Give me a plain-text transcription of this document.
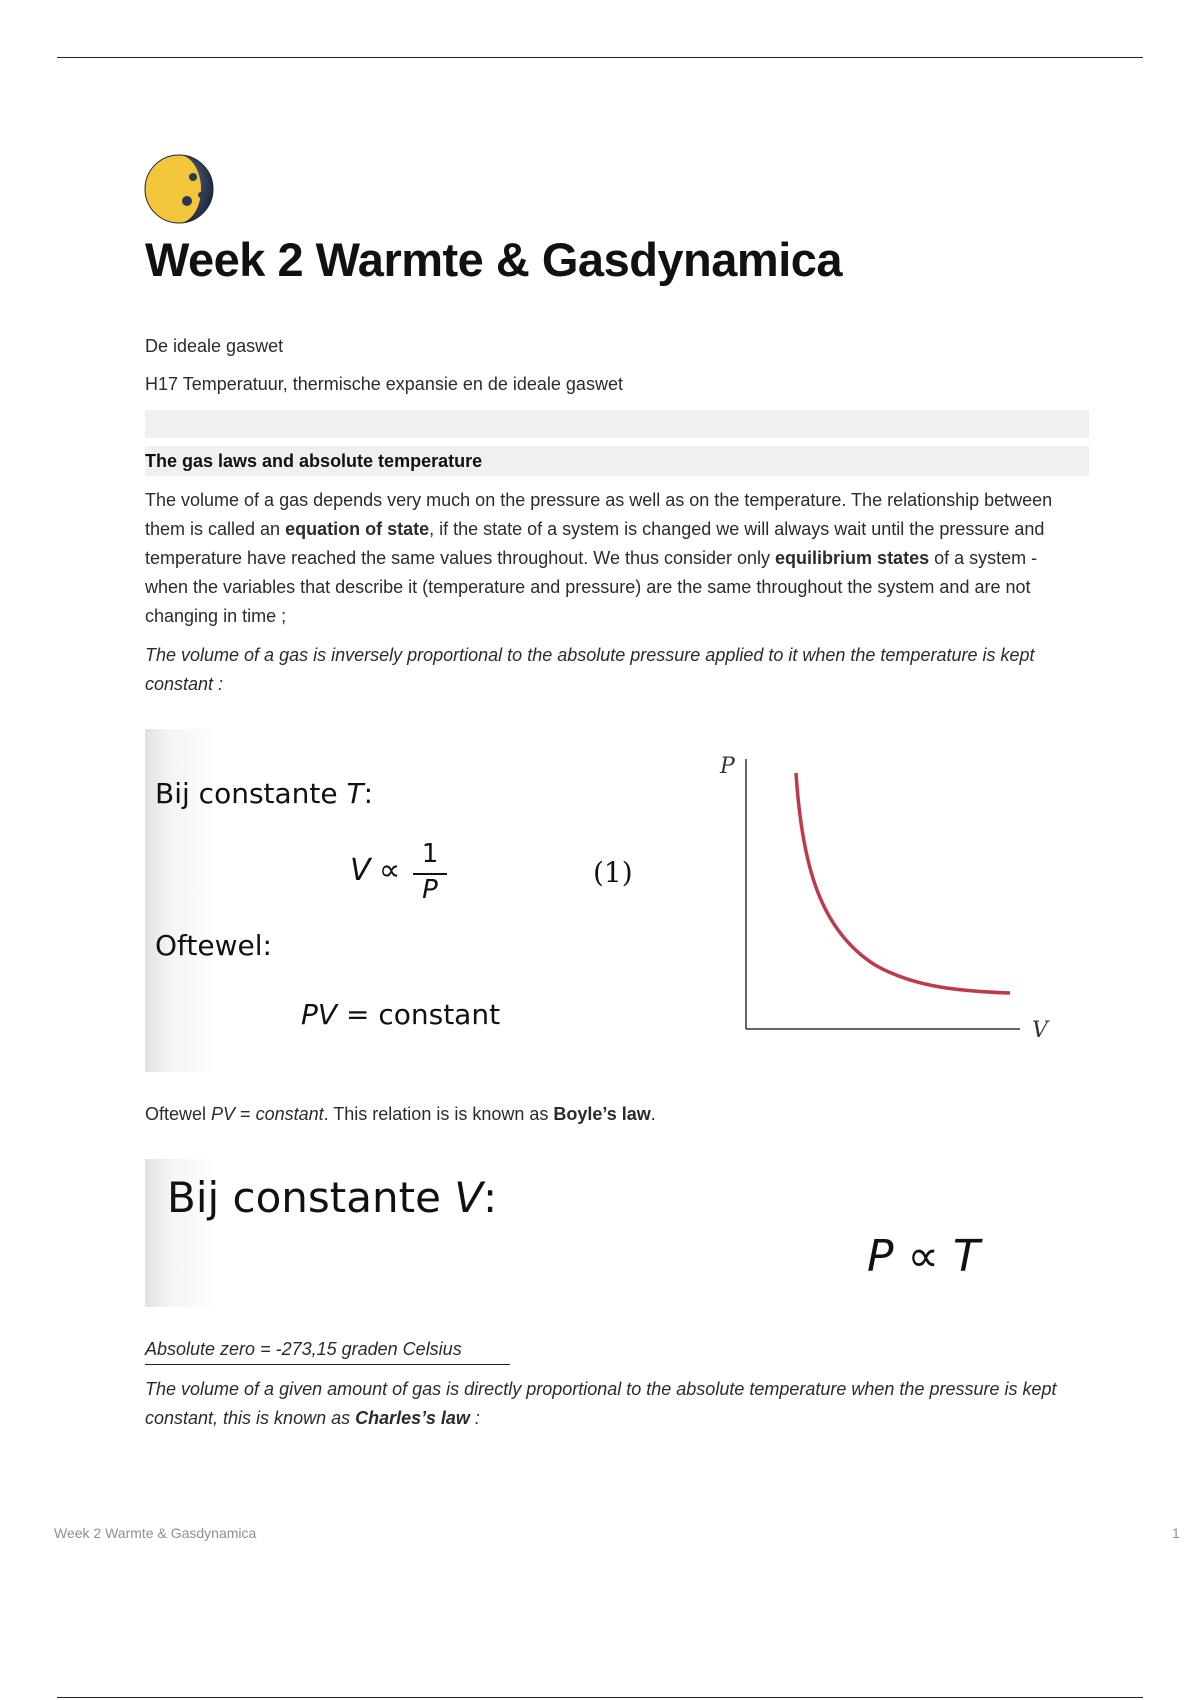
Week 2 Warmte & Gasdynamica
De ideale gaswet
H17 Temperatuur, thermische expansie en de ideale gaswet
The gas laws and absolute temperature
The volume of a gas depends very much on the pressure as well as on the temperature. The relationship between them is called an equation of state, if the state of a system is changed we will always wait until the pressure and temperature have reached the same values throughout. We thus consider only equilibrium states of a system - when the variables that describe it (temperature and pressure) are the same throughout the system and are not changing in time ;
The volume of a gas is inversely proportional to the absolute pressure applied to it when the temperature is kept constant :
Bij constante T:
V ∝ 1
P
(1)
Oftewel:
PV = constant
P
V
Oftewel PV = constant. This relation is is known as Boyle’s law.
Bij constante V:
P ∝ T
Absolute zero = -273,15 graden Celsius
The volume of a given amount of gas is directly proportional to the absolute temperature when the pressure is kept constant, this is known as Charles’s law :
Week 2 Warmte & Gasdynamica	1
